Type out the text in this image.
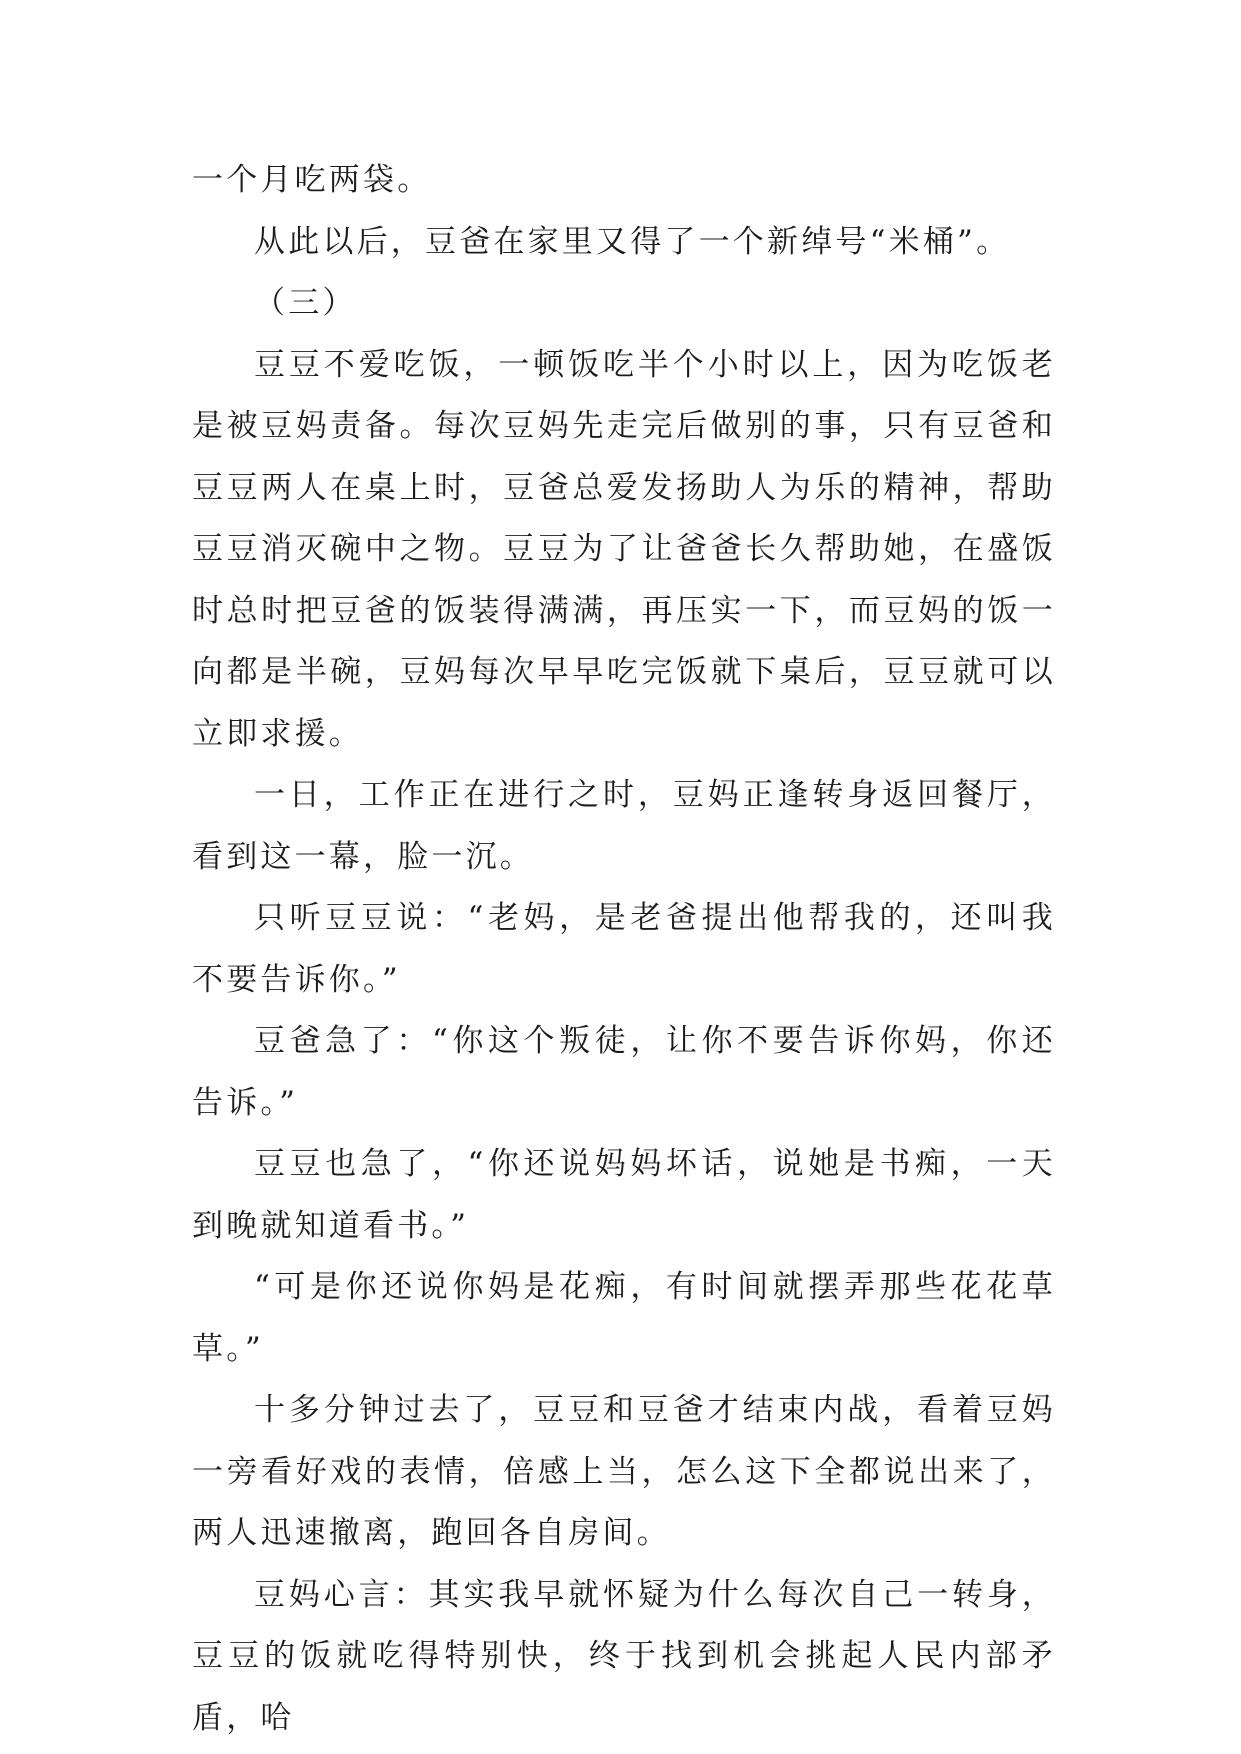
一个月吃两袋。

从此以后，豆爸在家里又得了一个新绰号“米桶”。

（三）

豆豆不爱吃饭，一顿饭吃半个小时以上，因为吃饭老是被豆妈责备。每次豆妈先走完后做别的事，只有豆爸和豆豆两人在桌上时，豆爸总爱发扬助人为乐的精神，帮助豆豆消灭碗中之物。豆豆为了让爸爸长久帮助她，在盛饭时总时把豆爸的饭装得满满，再压实一下，而豆妈的饭一向都是半碗，豆妈每次早早吃完饭就下桌后，豆豆就可以立即求援。

一日，工作正在进行之时，豆妈正逢转身返回餐厅，看到这一幕，脸一沉。

只听豆豆说：“老妈，是老爸提出他帮我的，还叫我不要告诉你。”

豆爸急了：“你这个叛徒，让你不要告诉你妈，你还告诉。”

豆豆也急了，“你还说妈妈坏话，说她是书痴，一天到晚就知道看书。”

“可是你还说你妈是花痴，有时间就摆弄那些花花草草。”

十多分钟过去了，豆豆和豆爸才结束内战，看着豆妈一旁看好戏的表情，倍感上当，怎么这下全都说出来了，两人迅速撤离，跑回各自房间。

豆妈心言：其实我早就怀疑为什么每次自己一转身，豆豆的饭就吃得特别快，终于找到机会挑起人民内部矛盾，哈
